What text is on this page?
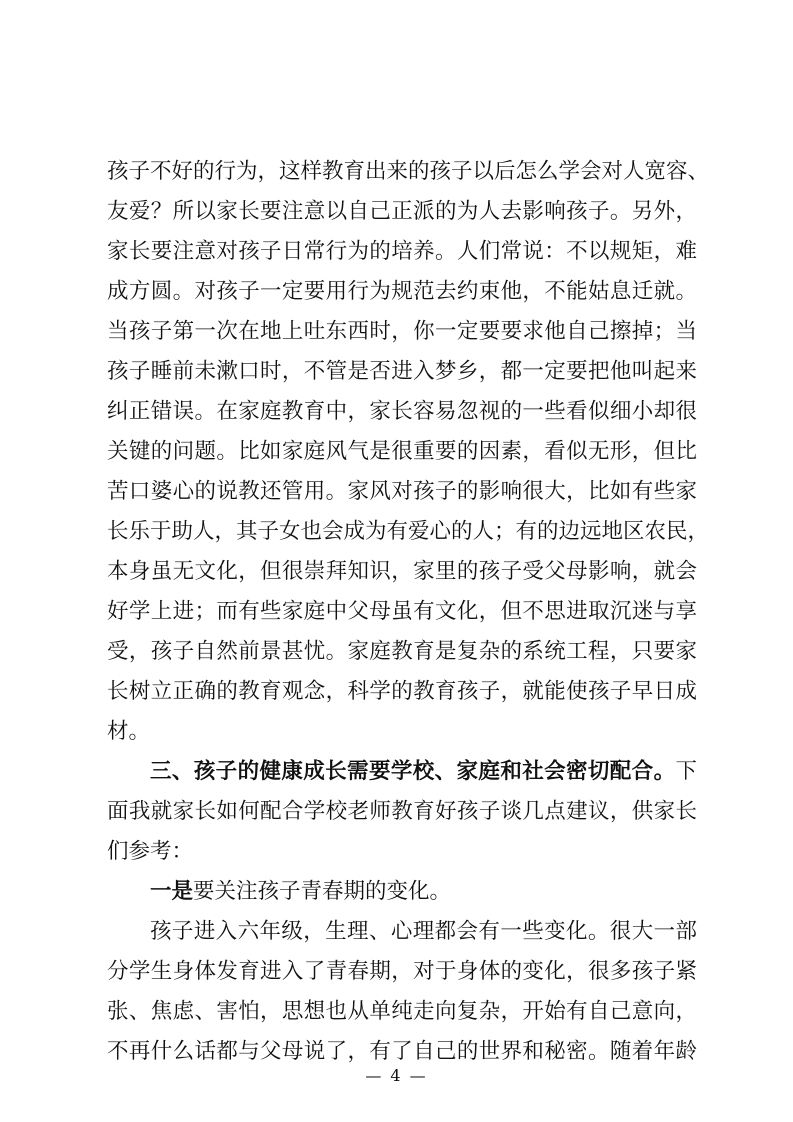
孩子不好的行为，这样教育出来的孩子以后怎么学会对人宽容、
友爱？所以家长要注意以自己正派的为人去影响孩子。另外，
家长要注意对孩子日常行为的培养。人们常说：不以规矩，难
成方圆。对孩子一定要用行为规范去约束他，不能姑息迁就。
当孩子第一次在地上吐东西时，你一定要要求他自己擦掉；当
孩子睡前未漱口时，不管是否进入梦乡，都一定要把他叫起来
纠正错误。在家庭教育中，家长容易忽视的一些看似细小却很
关键的问题。比如家庭风气是很重要的因素，看似无形，但比
苦口婆心的说教还管用。家风对孩子的影响很大，比如有些家
长乐于助人，其子女也会成为有爱心的人；有的边远地区农民，
本身虽无文化，但很崇拜知识，家里的孩子受父母影响，就会
好学上进；而有些家庭中父母虽有文化，但不思进取沉迷与享
受，孩子自然前景甚忧。家庭教育是复杂的系统工程，只要家
长树立正确的教育观念，科学的教育孩子，就能使孩子早日成
材。
三、孩子的健康成长需要学校、家庭和社会密切配合。下
面我就家长如何配合学校老师教育好孩子谈几点建议，供家长
们参考：
一是要关注孩子青春期的变化。
孩子进入六年级，生理、心理都会有一些变化。很大一部
分学生身体发育进入了青春期，对于身体的变化，很多孩子紧
张、焦虑、害怕，思想也从单纯走向复杂，开始有自己意向，
不再什么话都与父母说了，有了自己的世界和秘密。随着年龄
— 4 —
